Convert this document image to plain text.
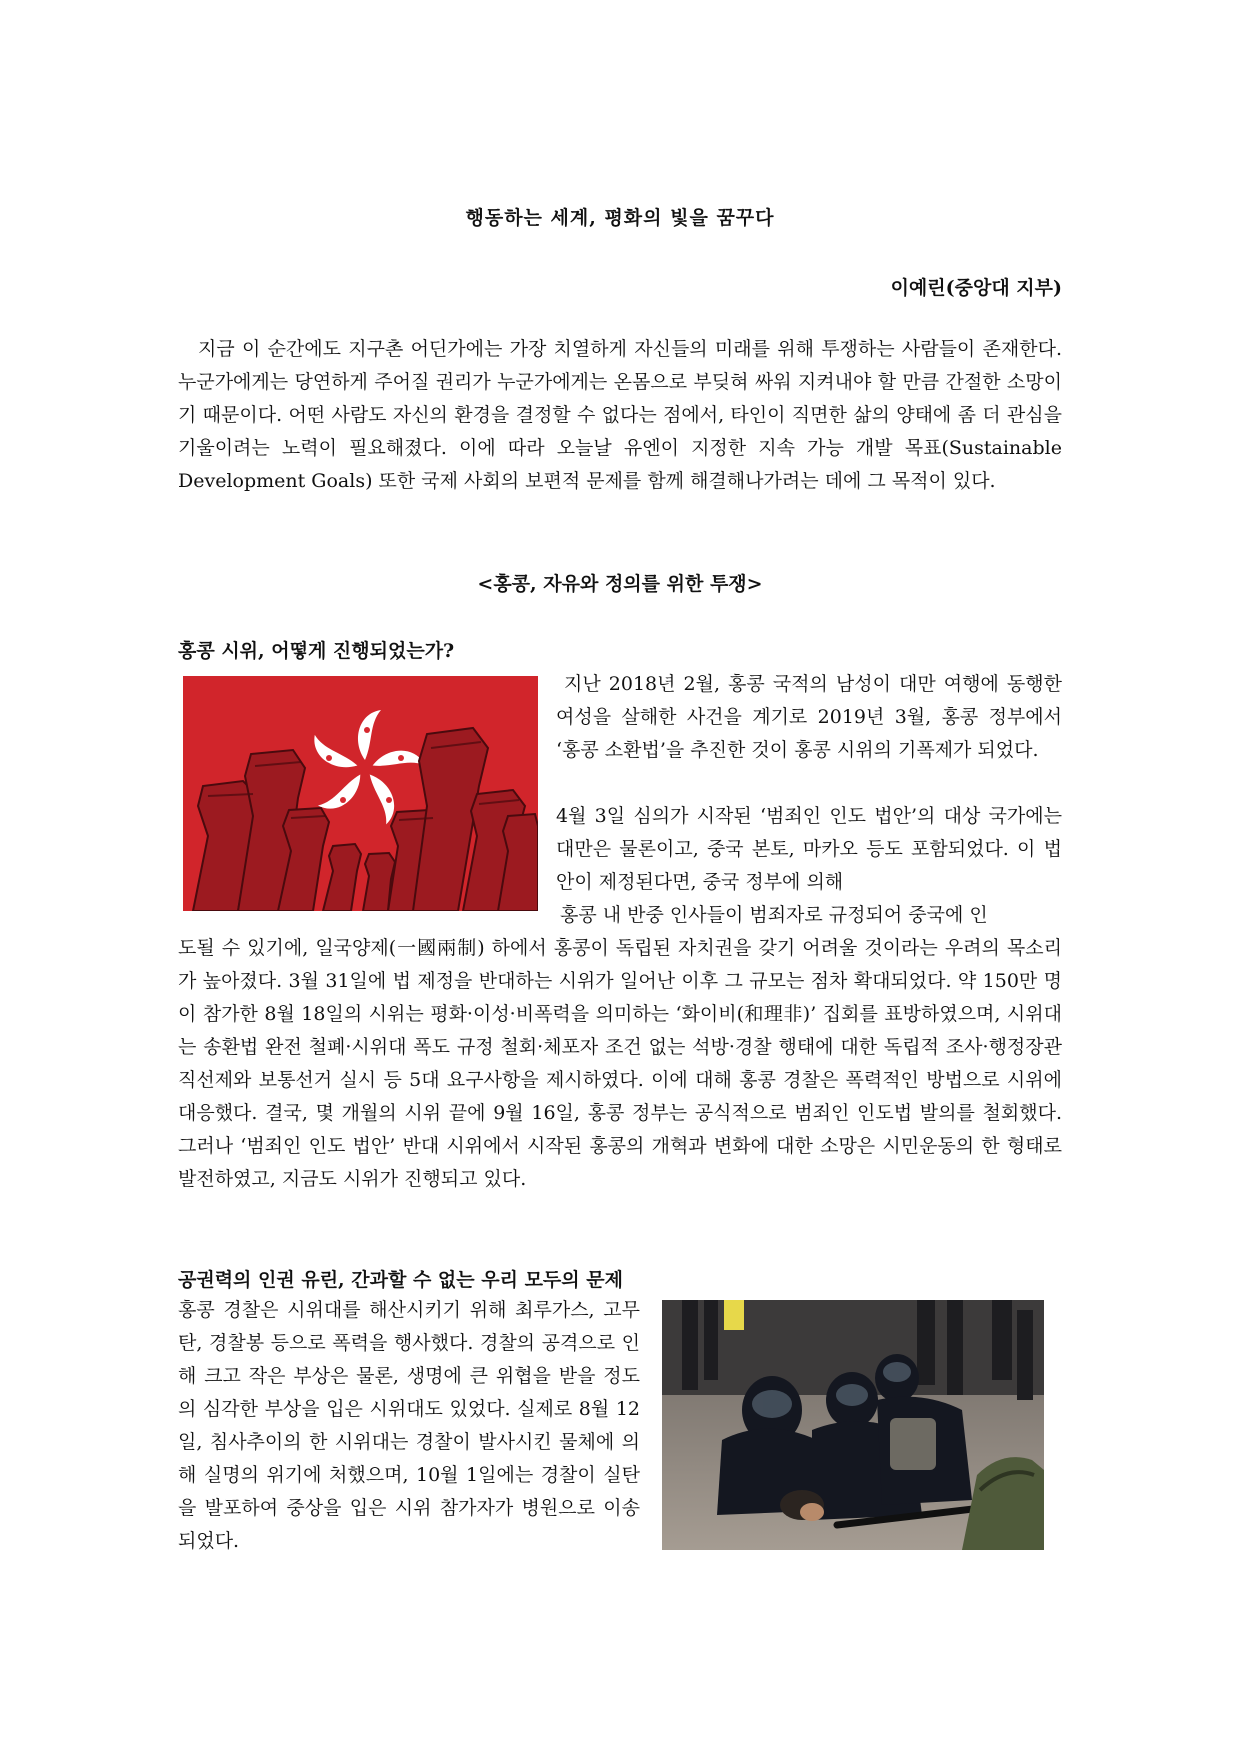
행동하는 세계, 평화의 빛을 꿈꾸다
이예린(중앙대 지부)

지금 이 순간에도 지구촌 어딘가에는 가장 치열하게 자신들의 미래를 위해 투쟁하는 사람들이 존재한다. 누군가에게는 당연하게 주어질 권리가 누군가에게는 온몸으로 부딪혀 싸워 지켜내야 할 만큼 간절한 소망이기 때문이다. 어떤 사람도 자신의 환경을 결정할 수 없다는 점에서, 타인이 직면한 삶의 양태에 좀 더 관심을 기울이려는 노력이 필요해졌다. 이에 따라 오늘날 유엔이 지정한 지속 가능 개발 목표(Sustainable Development Goals) 또한 국제 사회의 보편적 문제를 함께 해결해나가려는 데에 그 목적이 있다.

<홍콩, 자유와 정의를 위한 투쟁>
홍콩 시위, 어떻게 진행되었는가?

지난 2018년 2월, 홍콩 국적의 남성이 대만 여행에 동행한 여성을 살해한 사건을 계기로 2019년 3월, 홍콩 정부에서 ‘홍콩 소환법’을 추진한 것이 홍콩 시위의 기폭제가 되었다.

4월 3일 심의가 시작된 ‘범죄인 인도 법안’의 대상 국가에는 대만은 물론이고, 중국 본토, 마카오 등도 포함되었다. 이 법안이 제정된다면, 중국 정부에 의해

홍콩 내 반중 인사들이 범죄자로 규정되어 중국에 인

도될 수 있기에, 일국양제(一國兩制) 하에서 홍콩이 독립된 자치권을 갖기 어려울 것이라는 우려의 목소리가 높아졌다. 3월 31일에 법 제정을 반대하는 시위가 일어난 이후 그 규모는 점차 확대되었다. 약 150만 명이 참가한 8월 18일의 시위는 평화·이성·비폭력을 의미하는 ‘화이비(和理非)’ 집회를 표방하였으며, 시위대는 송환법 완전 철폐·시위대 폭도 규정 철회·체포자 조건 없는 석방·경찰 행태에 대한 독립적 조사·행정장관 직선제와 보통선거 실시 등 5대 요구사항을 제시하였다. 이에 대해 홍콩 경찰은 폭력적인 방법으로 시위에 대응했다. 결국, 몇 개월의 시위 끝에 9월 16일, 홍콩 정부는 공식적으로 범죄인 인도법 발의를 철회했다. 그러나 ‘범죄인 인도 법안’ 반대 시위에서 시작된 홍콩의 개혁과 변화에 대한 소망은 시민운동의 한 형태로 발전하였고, 지금도 시위가 진행되고 있다.

공권력의 인권 유린, 간과할 수 없는 우리 모두의 문제

홍콩 경찰은 시위대를 해산시키기 위해 최루가스, 고무탄, 경찰봉 등으로 폭력을 행사했다. 경찰의 공격으로 인해 크고 작은 부상은 물론, 생명에 큰 위협을 받을 정도의 심각한 부상을 입은 시위대도 있었다. 실제로 8월 12일, 침사추이의 한 시위대는 경찰이 발사시킨 물체에 의해 실명의 위기에 처했으며, 10월 1일에는 경찰이 실탄을 발포하여 중상을 입은 시위 참가자가 병원으로 이송되었다.
